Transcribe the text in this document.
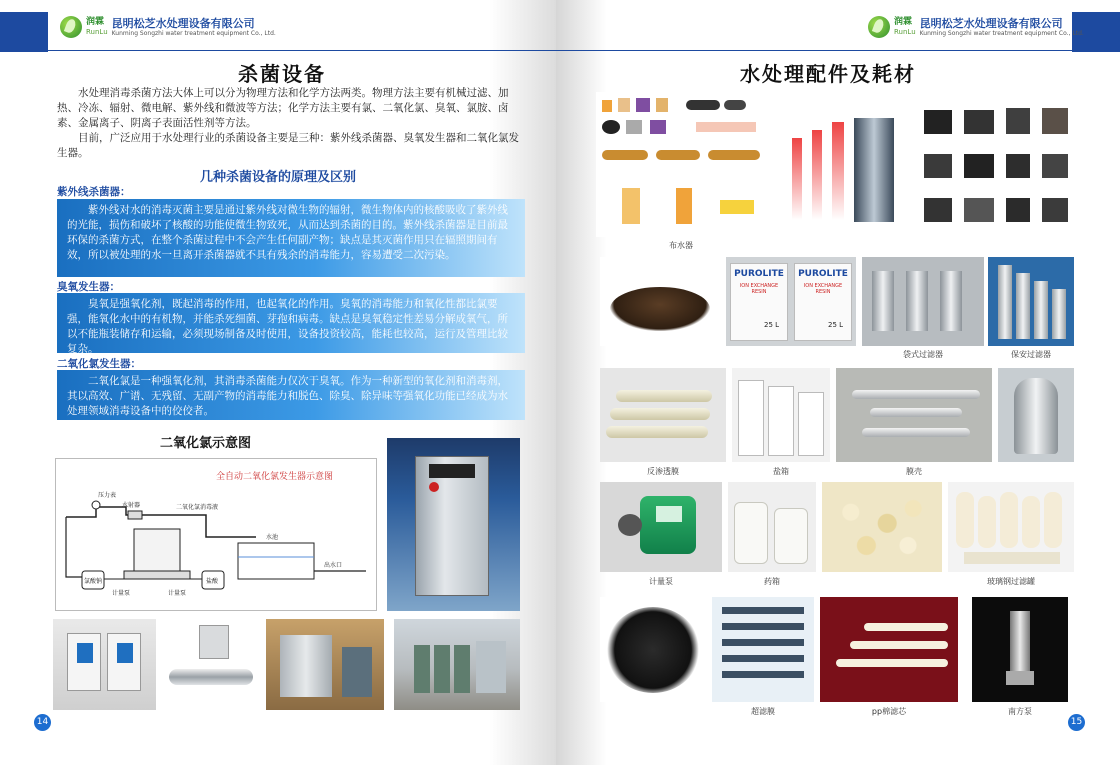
润霖
RunLu
昆明松芝水处理设备有限公司
Kunming Songzhi water treatment equipment Co., Ltd.
杀菌设备
水处理消毒杀菌方法大体上可以分为物理方法和化学方法两类。物理方法主要有机械过滤、加热、冷冻、辐射、微电解、紫外线和微波等方法；化学方法主要有氯、二氧化氯、臭氧、氯胺、卤素、金属离子、阴离子表面活性剂等方法。
目前，广泛应用于水处理行业的杀菌设备主要是三种：紫外线杀菌器、臭氧发生器和二氧化氯发生器。
几种杀菌设备的原理及区别
紫外线杀菌器：
紫外线对水的消毒灭菌主要是通过紫外线对微生物的辐射，微生物体内的核酸吸收了紫外线的光能，损伤和破坏了核酸的功能使微生物致死，从而达到杀菌的目的。紫外线杀菌器是目前最环保的杀菌方式，在整个杀菌过程中不会产生任何副产物；缺点是其灭菌作用只在辐照期间有效，所以被处理的水一旦离开杀菌器就不具有残余的消毒能力，容易遭受二次污染。
臭氧发生器：
臭氧是强氧化剂，既起消毒的作用，也起氧化的作用。臭氧的消毒能力和氧化性都比氯要强，能氧化水中的有机物，并能杀死细菌、芽孢和病毒。缺点是臭氧稳定性差易分解成氧气，所以不能瓶装储存和运输，必须现场制备及时使用，设备投资较高，能耗也较高，运行及管理比较复杂。
二氧化氯发生器：
二氧化氯是一种强氧化剂，其消毒杀菌能力仅次于臭氧。作为一种新型的氧化剂和消毒剂，其以高效、广谱、无残留、无副产物的消毒能力和脱色、除臭、除异味等强氧化功能已经成为水处理领域消毒设备中的佼佼者。
二氧化氯示意图
全自动二氧化氯发生器示意图
压力表
水射器	二氧化氯消毒液
水池
出水口
氯酸钠
计量泵	计量泵
盐酸
14
润霖
RunLu
昆明松芝水处理设备有限公司
Kunming Songzhi water treatment equipment Co., Ltd.
水处理配件及耗材
布水器
PUROLITE PUROLITE
ION EXCHANGE RESIN
ION EXCHANGE RESIN
25 L	25 L
袋式过滤器	保安过滤器
反渗透膜	盐箱	膜壳
计量泵	药箱	玻璃钢过滤罐
超滤膜	pp棉滤芯	南方泵
15
